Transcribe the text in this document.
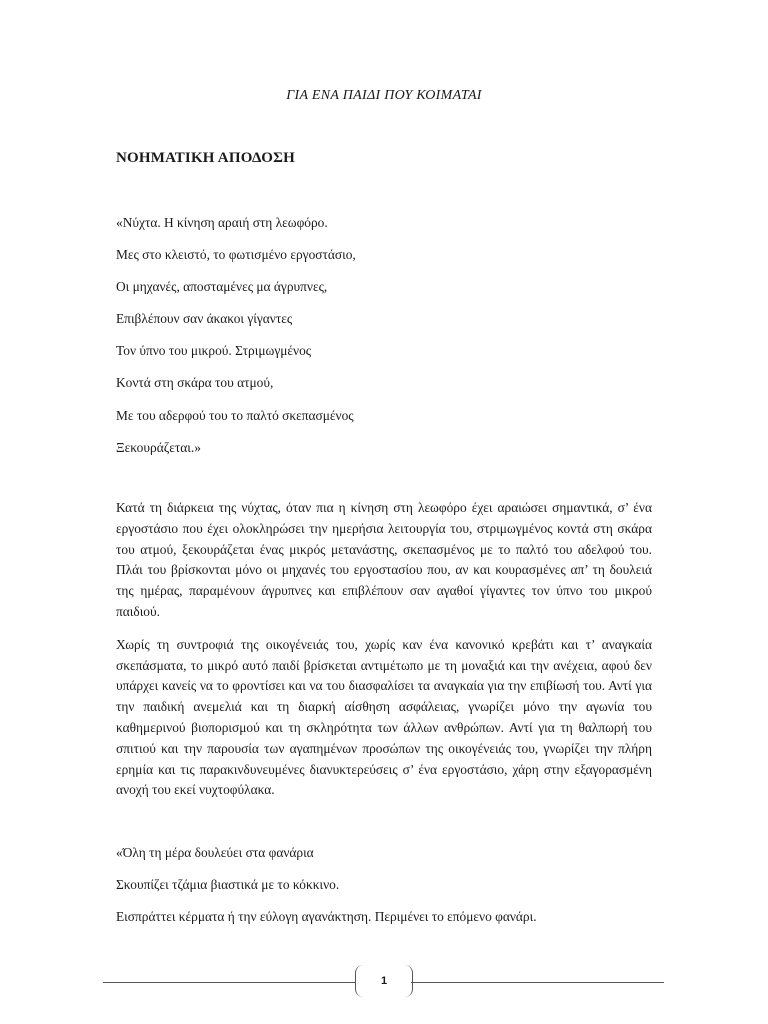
ΓΙΑ ΕΝΑ ΠΑΙΔΙ ΠΟΥ ΚΟΙΜΑΤΑΙ
ΝΟΗΜΑΤΙΚΗ ΑΠΟΔΟΣΗ
«Νύχτα. Η κίνηση αραιή στη λεωφόρο.
Μες στο κλειστό, το φωτισμένο εργοστάσιο,
Οι μηχανές, αποσταμένες μα άγρυπνες,
Επιβλέπουν σαν άκακοι γίγαντες
Τον ύπνο του μικρού. Στριμωγμένος
Κοντά στη σκάρα του ατμού,
Με του αδερφού του το παλτό σκεπασμένος
Ξεκουράζεται.»

Κατά τη διάρκεια της νύχτας, όταν πια η κίνηση στη λεωφόρο έχει αραιώσει σημαντικά, σ’ ένα εργοστάσιο που έχει ολοκληρώσει την ημερήσια λειτουργία του, στριμωγμένος κοντά στη σκάρα του ατμού, ξεκουράζεται ένας μικρός μετανάστης, σκεπασμένος με το παλτό του αδελφού του. Πλάι του βρίσκονται μόνο οι μηχανές του εργοστασίου που, αν και κουρασμένες απ’ τη δουλειά της ημέρας, παραμένουν άγρυπνες και επιβλέπουν σαν αγαθοί γίγαντες τον ύπνο του μικρού παιδιού.

Χωρίς τη συντροφιά της οικογένειάς του, χωρίς καν ένα κανονικό κρεβάτι και τ’ αναγκαία σκεπάσματα, το μικρό αυτό παιδί βρίσκεται αντιμέτωπο με τη μοναξιά και την ανέχεια, αφού δεν υπάρχει κανείς να το φροντίσει και να του διασφαλίσει τα αναγκαία για την επιβίωσή του. Αντί για την παιδική ανεμελιά και τη διαρκή αίσθηση ασφάλειας, γνωρίζει μόνο την αγωνία του καθημερινού βιοπορισμού και τη σκληρότητα των άλλων ανθρώπων. Αντί για τη θαλπωρή του σπιτιού και την παρουσία των αγαπημένων προσώπων της οικογένειάς του, γνωρίζει την πλήρη ερημία και τις παρακινδυνευμένες διανυκτερεύσεις σ’ ένα εργοστάσιο, χάρη στην εξαγορασμένη ανοχή του εκεί νυχτοφύλακα.

«Όλη τη μέρα δουλεύει στα φανάρια
Σκουπίζει τζάμια βιαστικά με το κόκκινο.
Εισπράττει κέρματα ή την εύλογη αγανάκτηση. Περιμένει το επόμενο φανάρι.
1
